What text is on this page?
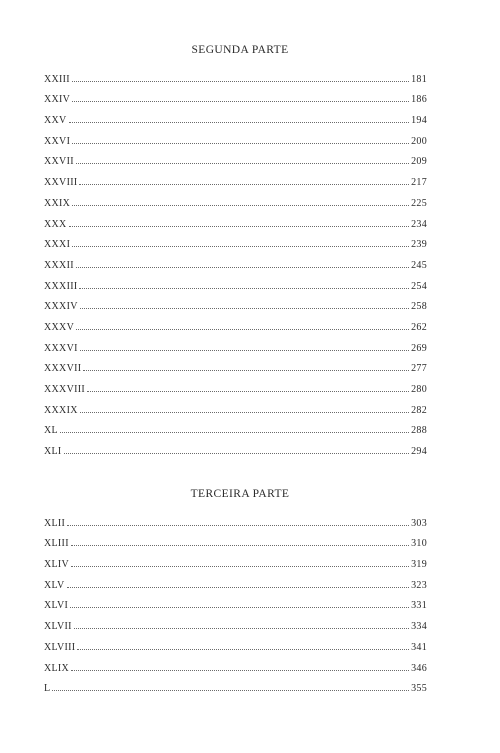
SEGUNDA PARTE
XXIII	181
XXIV	186
XXV	194
XXVI	200
XXVII	209
XXVIII	217
XXIX	225
XXX	234
XXXI	239
XXXII	245
XXXIII	254
XXXIV	258
XXXV	262
XXXVI	269
XXXVII	277
XXXVIII	280
XXXIX	282
XL	288
XLI	294
TERCEIRA PARTE
XLII	303
XLIII	310
XLIV	319
XLV	323
XLVI	331
XLVII	334
XLVIII	341
XLIX	346
L	355
